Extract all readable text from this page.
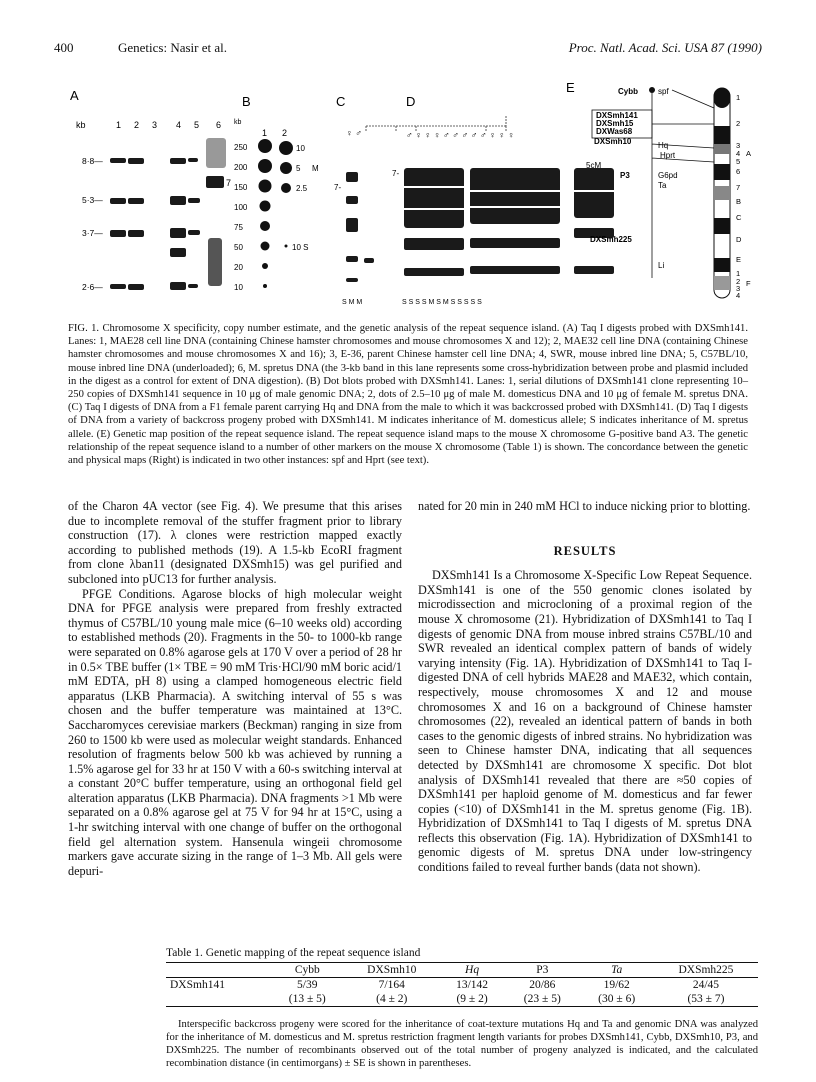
400	Genetics: Nasir et al.	Proc. Natl. Acad. Sci. USA 87 (1990)
A
kb	1 2 3 4 5 6
8·8—
5·3—
3·7—
2·6—
7
B
kb
1 2
250
200
150
100
75
50
20
10
10
5
2.5
M
10 S
C
♀ ♂
7-
S M M
D
♂ ♀ ♀ ♀ ♂ ♂ ♂ ♂ ♂ ♀ ♀ ♀
7-
S S S S M S M S S S S S
E	Cybb
DXSmh141
DXSmh15
DXWas68
DXSmh10
P3
DXSmh225
spf
Hq
Hprt
G6pd
Ta
Li
5cM
1
2
3
4
5
6
7
B
C
D
E
1
2
3
4
A
F
FIG. 1. Chromosome X specificity, copy number estimate, and the genetic analysis of the repeat sequence island. (A) Taq I digests probed with DXSmh141. Lanes: 1, MAE28 cell line DNA (containing Chinese hamster chromosomes and mouse chromosomes X and 12); 2, MAE32 cell line DNA (containing Chinese hamster chromosomes and mouse chromosomes X and 16); 3, E-36, parent Chinese hamster cell line DNA; 4, SWR, mouse inbred line DNA; 5, C57BL/10, mouse inbred line DNA (underloaded); 6, M. spretus DNA (the 3-kb band in this lane represents some cross-hybridization between probe and plasmid included in the digest as a control for extent of DNA digestion). (B) Dot blots probed with DXSmh141. Lanes: 1, serial dilutions of DXSmh141 clone representing 10–250 copies of DXSmh141 sequence in 10 μg of male genomic DNA; 2, dots of 2.5–10 μg of male M. domesticus DNA and 10 μg of female M. spretus DNA. (C) Taq I digests of DNA from a F1 female parent carrying Hq and DNA from the male to which it was backcrossed probed with DXSmh141. (D) Taq I digests of DNA from a variety of backcross progeny probed with DXSmh141. M indicates inheritance of M. domesticus allele; S indicates inheritance of M. spretus allele. (E) Genetic map position of the repeat sequence island. The repeat sequence island maps to the mouse X chromosome G-positive band A3. The genetic relationship of the repeat sequence island to a number of other markers on the mouse X chromosome (Table 1) is shown. The concordance between the genetic and physical maps (Right) is indicated in two other instances: spf and Hprt (see text).

of the Charon 4A vector (see Fig. 4). We presume that this arises due to incomplete removal of the stuffer fragment prior to library construction (17). λ clones were restriction mapped exactly according to published methods (19). A 1.5-kb EcoRI fragment from clone λban11 (designated DXSmh15) was gel purified and subcloned into pUC13 for further analysis.

PFGE Conditions. Agarose blocks of high molecular weight DNA for PFGE analysis were prepared from freshly extracted thymus of C57BL/10 young male mice (6–10 weeks old) according to established methods (20). Fragments in the 50- to 1000-kb range were separated on 0.8% agarose gels at 170 V over a period of 28 hr in 0.5× TBE buffer (1× TBE = 90 mM Tris·HCl/90 mM boric acid/1 mM EDTA, pH 8) using a clamped homogeneous electric field apparatus (LKB Pharmacia). A switching interval of 55 s was chosen and the buffer temperature was maintained at 13°C. Saccharomyces cerevisiae markers (Beckman) ranging in size from 260 to 1500 kb were used as molecular weight standards. Enhanced resolution of fragments below 500 kb was achieved by running a 1.5% agarose gel for 33 hr at 150 V with a 60-s switching interval at a constant 20°C buffer temperature, using an orthogonal field gel alteration apparatus (LKB Pharmacia). DNA fragments >1 Mb were separated on a 0.8% agarose gel at 75 V for 94 hr at 15°C, using a 1-hr switching interval with one change of buffer on the orthogonal field gel alternation system. Hansenula wingeii chromosome markers gave accurate sizing in the range of 1–3 Mb. All gels were depuri-

nated for 20 min in 240 mM HCl to induce nicking prior to blotting.

RESULTS

DXSmh141 Is a Chromosome X-Specific Low Repeat Sequence. DXSmh141 is one of the 550 genomic clones isolated by microdissection and microcloning of a proximal region of the mouse X chromosome (21). Hybridization of DXSmh141 to Taq I digests of genomic DNA from mouse inbred strains C57BL/10 and SWR revealed an identical complex pattern of bands of widely varying intensity (Fig. 1A). Hybridization of DXSmh141 to Taq I-digested DNA of cell hybrids MAE28 and MAE32, which contain, respectively, mouse chromosomes X and 12 and mouse chromosomes X and 16 on a background of Chinese hamster chromosomes (22), revealed an identical pattern of bands in both cases to the genomic digests of inbred strains. No hybridization was seen to Chinese hamster DNA, indicating that all sequences detected by DXSmh141 are chromosome X specific. Dot blot analysis of DXSmh141 revealed that there are ≈50 copies of DXSmh141 per haploid genome of M. domesticus and far fewer copies (<10) of DXSmh141 in the M. spretus genome (Fig. 1B). Hybridization of DXSmh141 to Taq I digests of M. spretus DNA reflects this observation (Fig. 1A). Hybridization of DXSmh141 to genomic digests of M. spretus DNA under low-stringency conditions failed to reveal further bands (data not shown).

Table 1. Genetic mapping of the repeat sequence island
	Cybb	DXSmh10	Hq	P3	Ta	DXSmh225
DXSmh141	5/39	7/164	13/142	20/86	19/62	24/45
	(13 ± 5)	(4 ± 2)	(9 ± 2)	(23 ± 5)	(30 ± 6)	(53 ± 7)
Interspecific backcross progeny were scored for the inheritance of coat-texture mutations Hq and Ta and genomic DNA was analyzed for the inheritance of M. domesticus and M. spretus restriction fragment length variants for probes DXSmh141, Cybb, DXSmh10, P3, and DXSmh225. The number of recombinants observed out of the total number of progeny analyzed is indicated, and the calculated recombination distance (in centimorgans) ± SE is shown in parentheses.
